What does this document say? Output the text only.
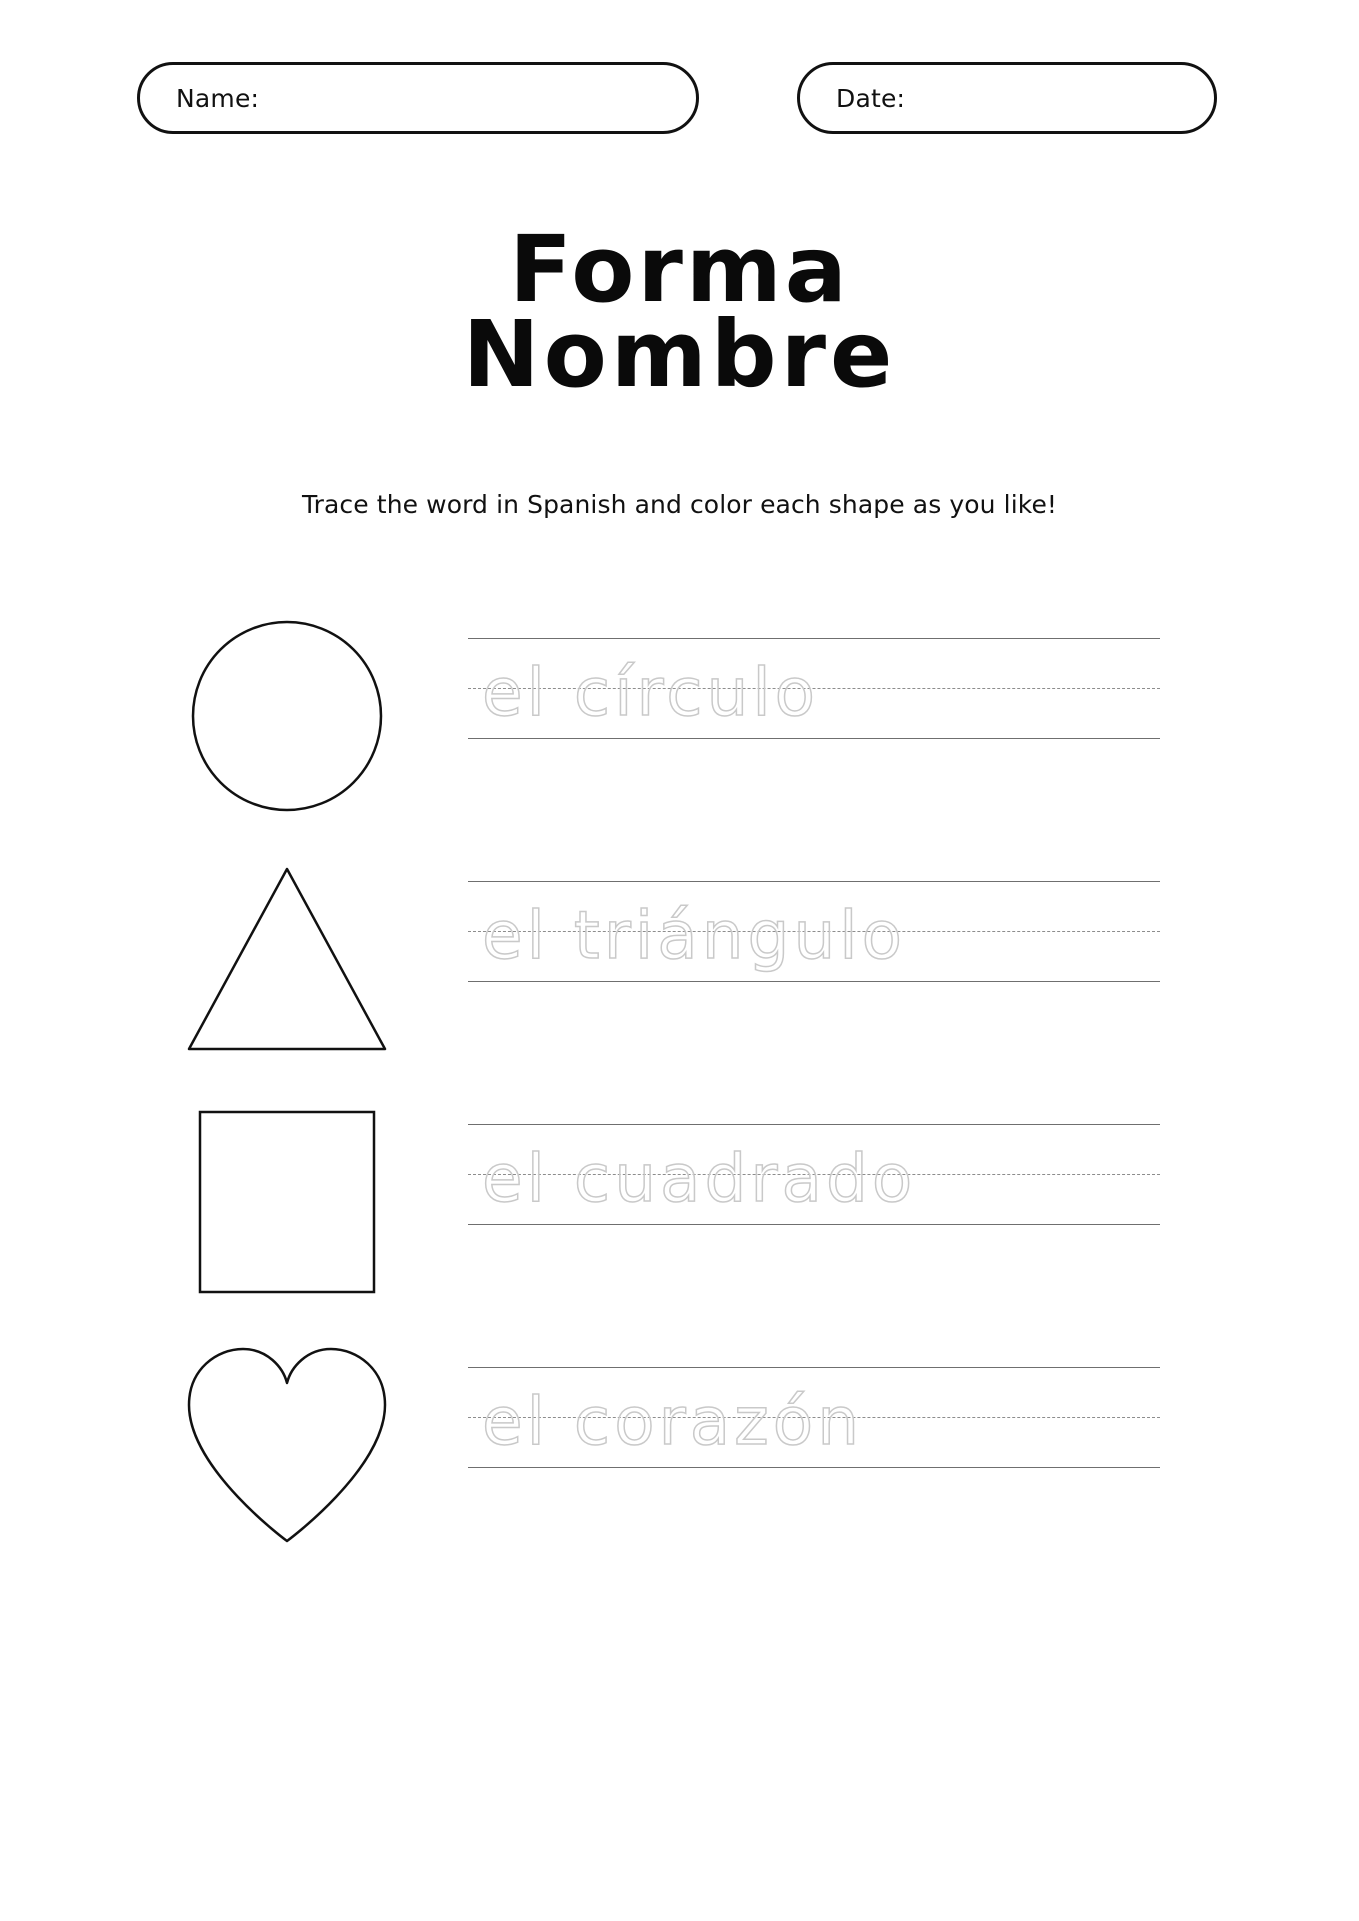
Name:	Date:
Forma
Nombre
Trace the word in Spanish and color each shape as you like!
el círculo
el triángulo
el cuadrado
el corazón
